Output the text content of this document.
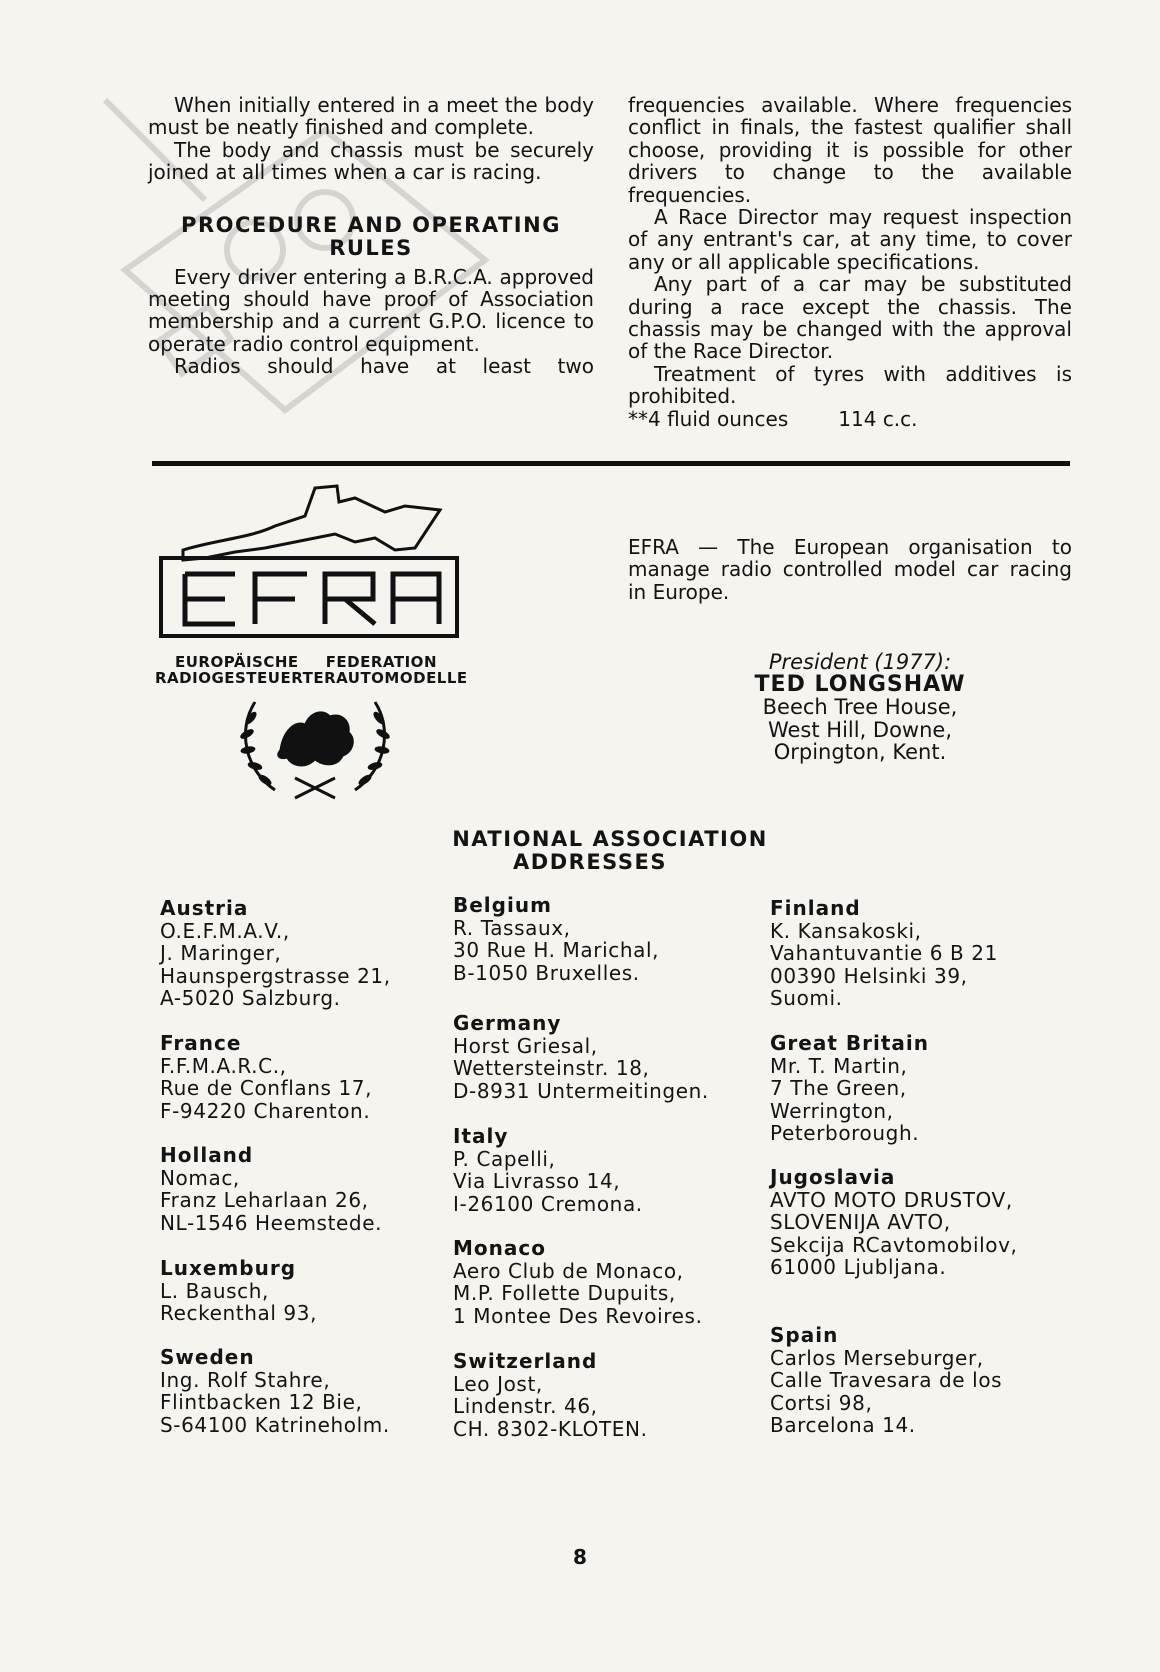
When initially entered in a meet the body must be neatly finished and complete.

The body and chassis must be securely joined at all times when a car is racing.

PROCEDURE AND OPERATING RULES

Every driver entering a B.R.C.A. approved meeting should have proof of Association membership and a current G.P.O. licence to operate radio control equipment.

Radios should have at least two

frequencies available. Where frequencies conflict in finals, the fastest qualifier shall choose, providing it is possible for other drivers to change to the available frequencies.

A Race Director may request inspection of any entrant's car, at any time, to cover any or all applicable specifications.

Any part of a car may be substituted during a race except the chassis. The chassis may be changed with the approval of the Race Director.

Treatment of tyres with additives is prohibited.

**4 fluid ounces	114 c.c.
EUROPÄISCHE FEDERATION
RADIOGESTEUERTER AUTOMODELLE
EFRA — The European organisation to manage radio controlled model car racing in Europe.
President (1977):
TED LONGSHAW
Beech Tree House,
West Hill, Downe,
Orpington, Kent.
NATIONAL ASSOCIATION
ADDRESSES
Austria
O.E.F.M.A.V.,
J. Maringer,
Haunspergstrasse 21,
A-5020 Salzburg.
France
F.F.M.A.R.C.,
Rue de Conflans 17,
F-94220 Charenton.
Holland
Nomac,
Franz Leharlaan 26,
NL-1546 Heemstede.
Luxemburg
L. Bausch,
Reckenthal 93,
Sweden
Ing. Rolf Stahre,
Flintbacken 12 Bie,
S-64100 Katrineholm.
Belgium
R. Tassaux,
30 Rue H. Marichal,
B-1050 Bruxelles.
Germany
Horst Griesal,
Wettersteinstr. 18,
D-8931 Untermeitingen.
Italy
P. Capelli,
Via Livrasso 14,
I-26100 Cremona.
Monaco
Aero Club de Monaco,
M.P. Follette Dupuits,
1 Montee Des Revoires.
Switzerland
Leo Jost,
Lindenstr. 46,
CH. 8302-KLOTEN.
Finland
K. Kansakoski,
Vahantuvantie 6 B 21
00390 Helsinki 39,
Suomi.
Great Britain
Mr. T. Martin,
7 The Green,
Werrington,
Peterborough.
Jugoslavia
AVTO MOTO DRUSTOV,
SLOVENIJA AVTO,
Sekcija RCavtomobilov,
61000 Ljubljana.
Spain
Carlos Merseburger,
Calle Travesara de los
Cortsi 98,
Barcelona 14.
8
